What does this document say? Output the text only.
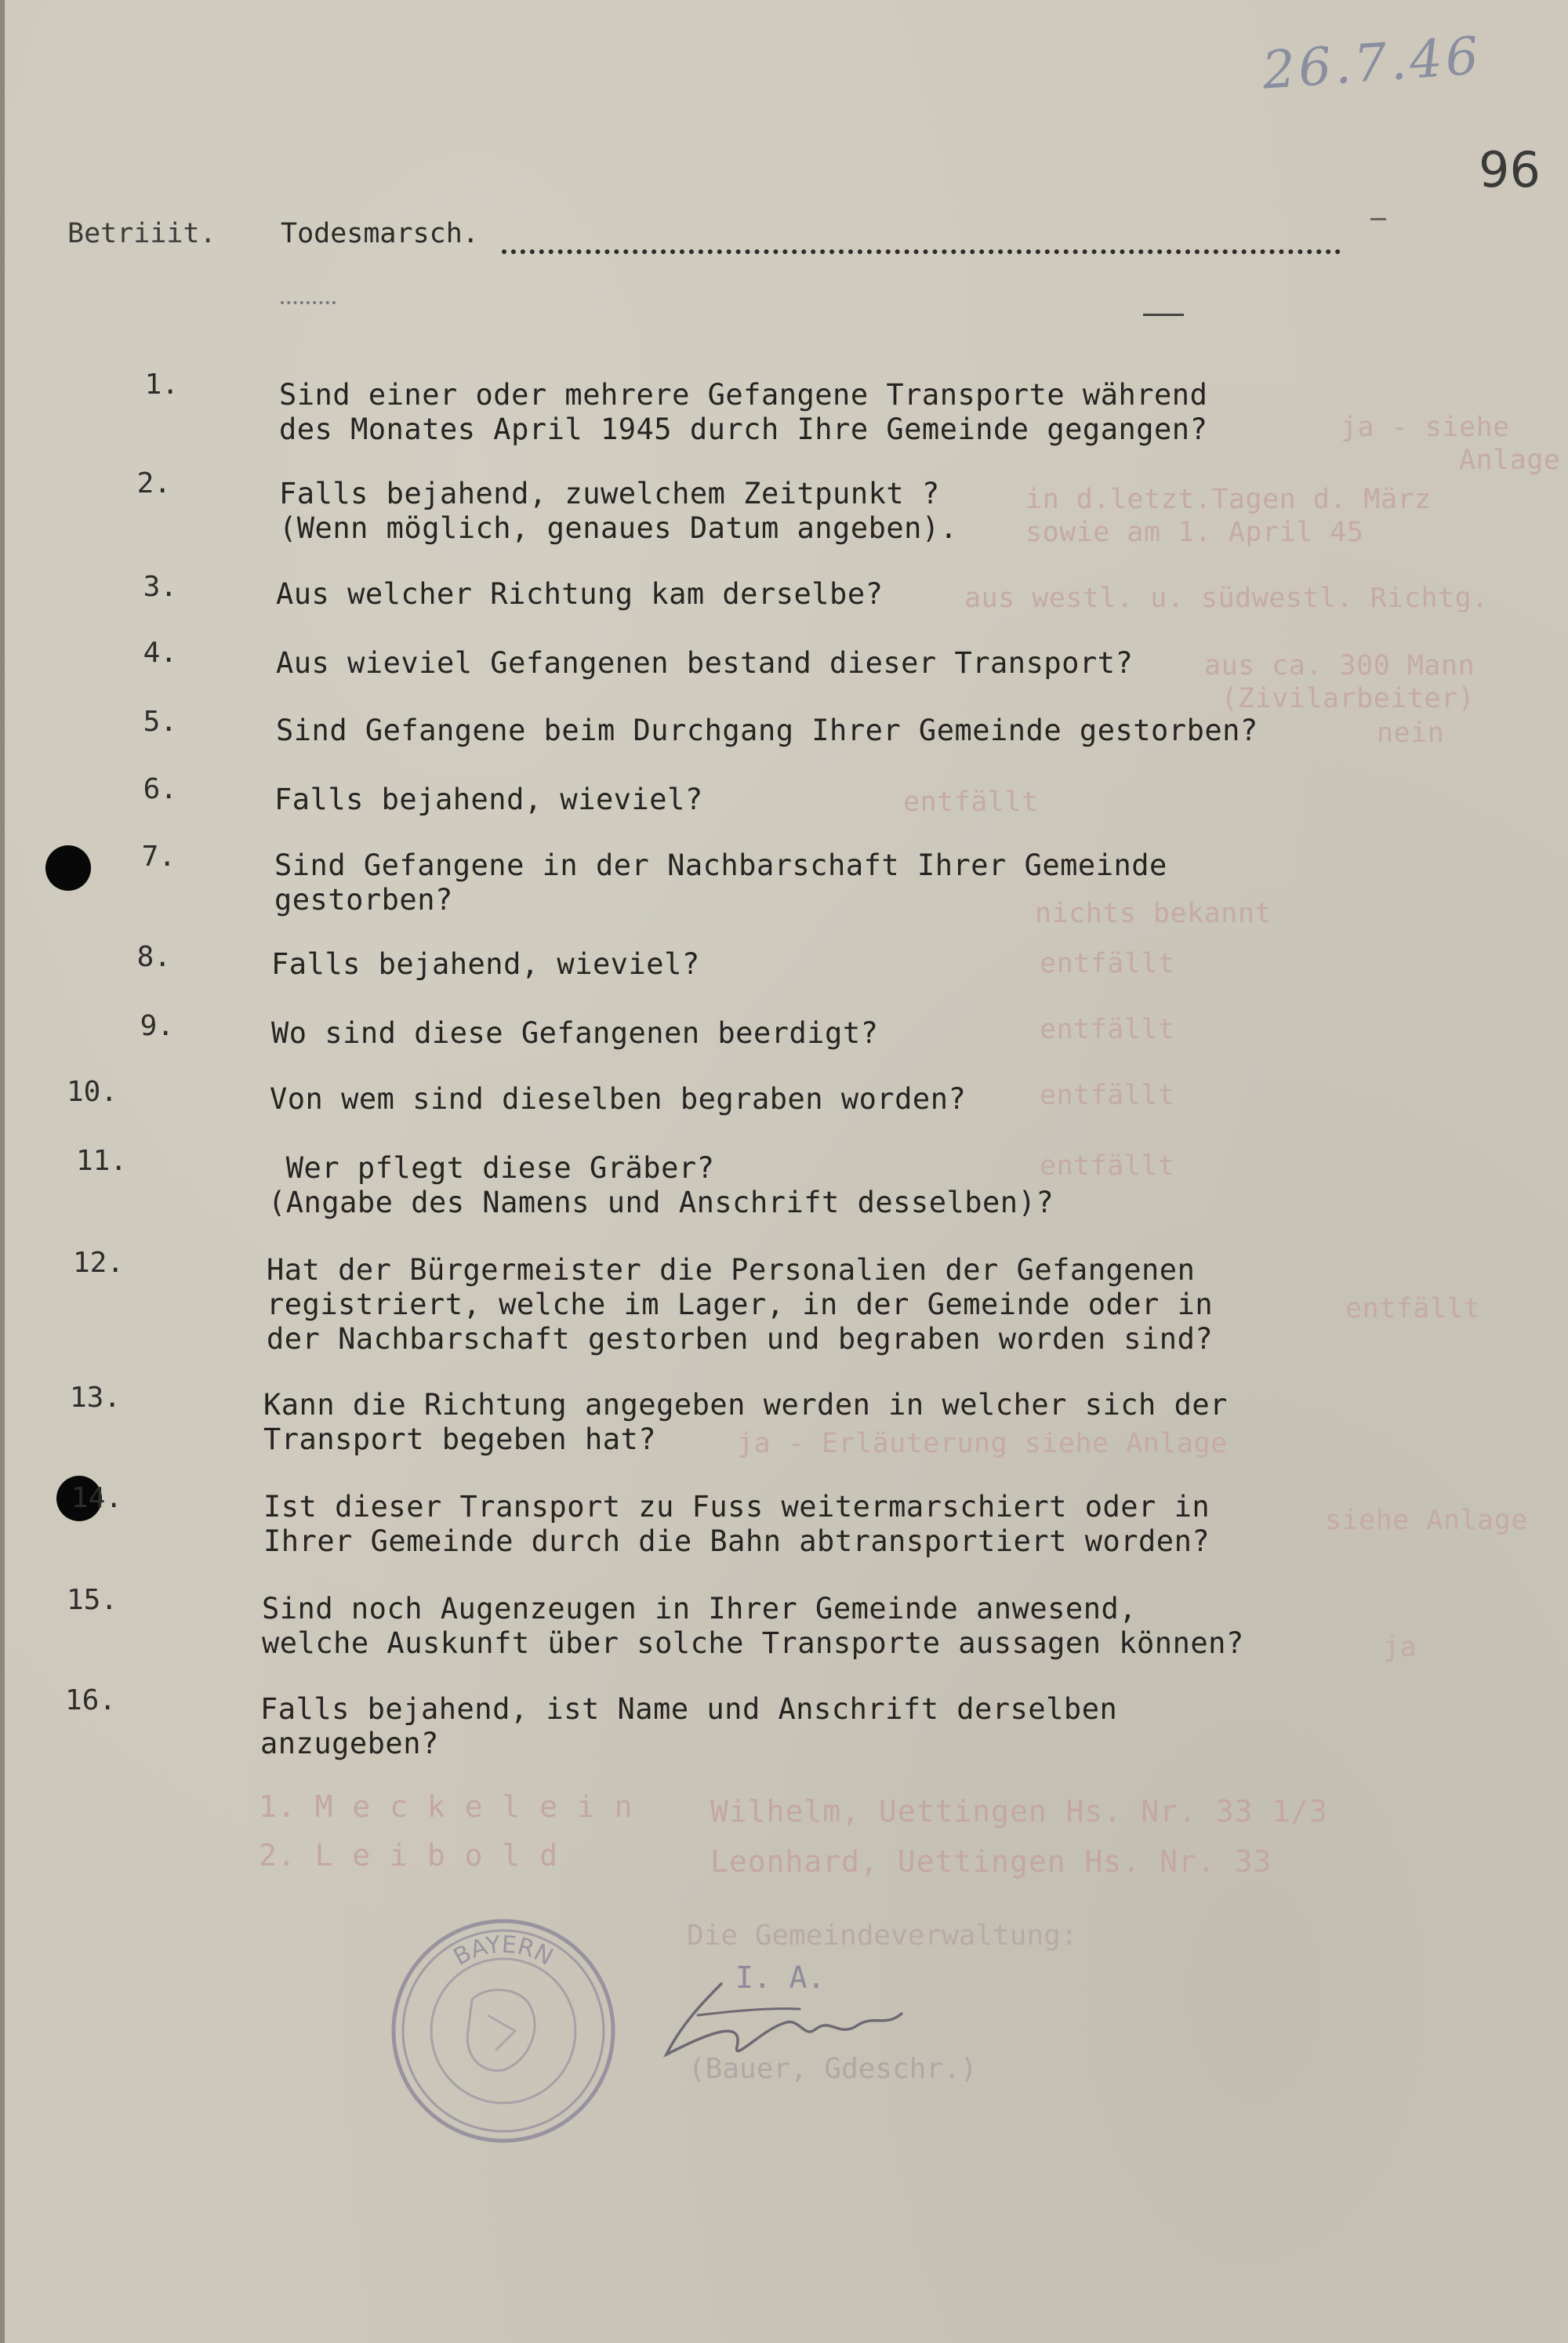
26.7.46
96
Betriiit. Todesmarsch.
1.	Sind einer oder mehrere Gefangene Transporte während
des Monates April 1945 durch Ihre Gemeinde gegangen?	ja - siehe
Anlage
2.	Falls bejahend, zuwelchem Zeitpunkt ?
(Wenn möglich, genaues Datum angeben).
in d.letzt.Tagen d. März
sowie am 1. April 45
3.	Aus welcher Richtung kam derselbe?	aus westl. u. südwestl. Richtg.
4.	Aus wieviel Gefangenen bestand dieser Transport?	aus ca. 300 Mann
(Zivilarbeiter)
5.	Sind Gefangene beim Durchgang Ihrer Gemeinde gestorben?	nein
6.	Falls bejahend, wieviel?	entfällt
7.	Sind Gefangene in der Nachbarschaft Ihrer Gemeinde
gestorben?	nichts bekannt
8.	Falls bejahend, wieviel?	entfällt
9.	Wo sind diese Gefangenen beerdigt?	entfällt
10.	Von wem sind dieselben begraben worden?	entfällt
11.	Wer pflegt diese Gräber?
(Angabe des Namens und Anschrift desselben)?
entfällt
12.	Hat der Bürgermeister die Personalien der Gefangenen
registriert, welche im Lager, in der Gemeinde oder in
der Nachbarschaft gestorben und begraben worden sind?
entfällt
13.	Kann die Richtung angegeben werden in welcher sich der
Transport begeben hat?	ja - Erläuterung siehe Anlage
14.	Ist dieser Transport zu Fuss weitermarschiert oder in
Ihrer Gemeinde durch die Bahn abtransportiert worden?
siehe Anlage
15.	Sind noch Augenzeugen in Ihrer Gemeinde anwesend,
welche Auskunft über solche Transporte aussagen können?	ja
16.	Falls bejahend, ist Name und Anschrift derselben
anzugeben?
1. M e c k e l e i n	Wilhelm, Uettingen Hs. Nr. 33 1/3
2. L e i b o l d	Leonhard, Uettingen Hs. Nr. 33
BAYERN
Die Gemeindeverwaltung:
I. A.
(Bauer, Gdeschr.)
